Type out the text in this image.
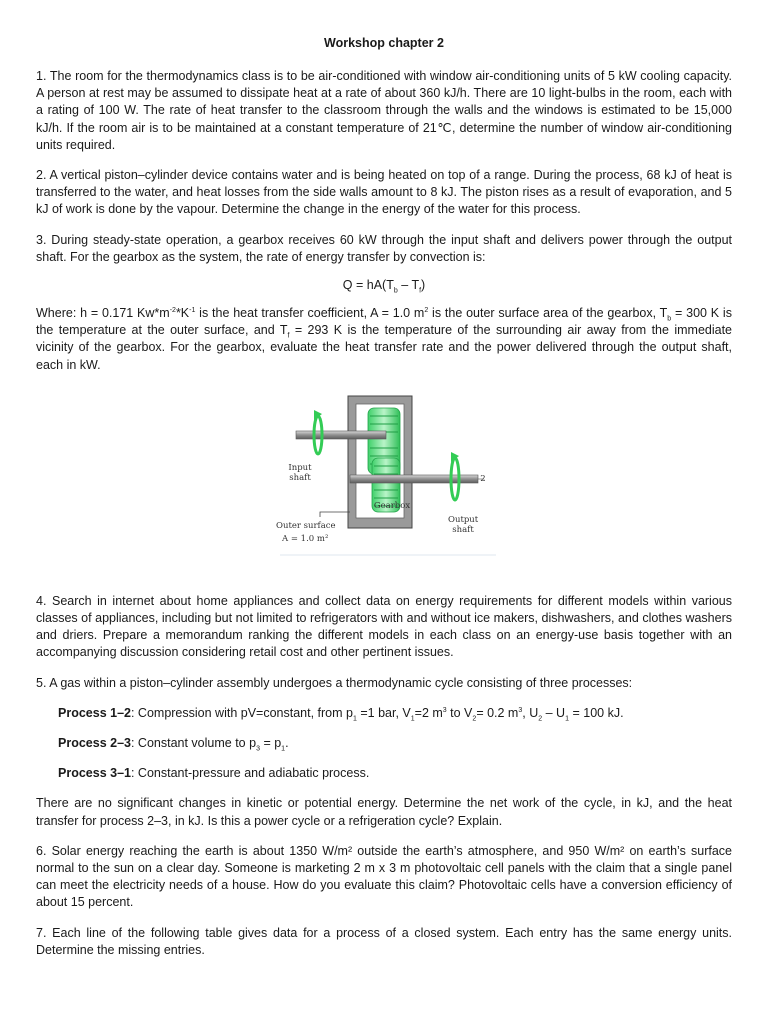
Workshop chapter 2

1. The room for the thermodynamics class is to be air-conditioned with window air-conditioning units of 5 kW cooling capacity. A person at rest may be assumed to dissipate heat at a rate of about 360 kJ/h. There are 10 light-bulbs in the room, each with a rating of 100 W. The rate of heat transfer to the classroom through the walls and the windows is estimated to be 15,000 kJ/h. If the room air is to be maintained at a constant temperature of 21℃, determine the number of window air-conditioning units required.

2. A vertical piston–cylinder device contains water and is being heated on top of a range. During the process, 68 kJ of heat is transferred to the water, and heat losses from the side walls amount to 8 kJ. The piston rises as a result of evaporation, and 5 kJ of work is done by the vapour. Determine the change in the energy of the water for this process.

3. During steady-state operation, a gearbox receives 60 kW through the input shaft and delivers power through the output shaft. For the gearbox as the system, the rate of energy transfer by convection is:

$Q = hA(T_b - T_f)$

Where: h = 0.171 $Kw*m^{-2}*K^{-1}$ is the heat transfer coefficient, A = 1.0 $m^2$ is the outer surface area of the gearbox, $T_b = 300$ K is the temperature at the outer surface, and $T_f = 293$ K is the temperature of the surrounding air away from the immediate vicinity of the gearbox. For the gearbox, evaluate the heat transfer rate and the power delivered through the output shaft, each in kW.

Input
shaft	2
Gearbox
Output
shaft
Outer surface
A = 1.0 m²

4. Search in internet about home appliances and collect data on energy requirements for different models within various classes of appliances, including but not limited to refrigerators with and without ice makers, dishwashers, and clothes washers and driers. Prepare a memorandum ranking the different models in each class on an energy-use basis together with an accompanying discussion considering retail cost and other pertinent issues.

5. A gas within a piston–cylinder assembly undergoes a thermodynamic cycle consisting of three processes:

Process 1–2: Compression with pV=constant, from $p_1 =1$ bar, $V_1=2$ $m^3$ to $V_2= 0.2$ $m^3$, $U_2 - U_1 = 100$ kJ.

Process 2–3: Constant volume to $p_3 = p_1$.

Process 3–1: Constant-pressure and adiabatic process.

There are no significant changes in kinetic or potential energy. Determine the net work of the cycle, in kJ, and the heat transfer for process 2–3, in kJ. Is this a power cycle or a refrigeration cycle? Explain.

6. Solar energy reaching the earth is about 1350 W/m² outside the earth’s atmosphere, and 950 W/m² on earth’s surface normal to the sun on a clear day. Someone is marketing 2 m x 3 m photovoltaic cell panels with the claim that a single panel can meet the electricity needs of a house. How do you evaluate this claim? Photovoltaic cells have a conversion efficiency of about 15 percent.

7. Each line of the following table gives data for a process of a closed system. Each entry has the same energy units. Determine the missing entries.
